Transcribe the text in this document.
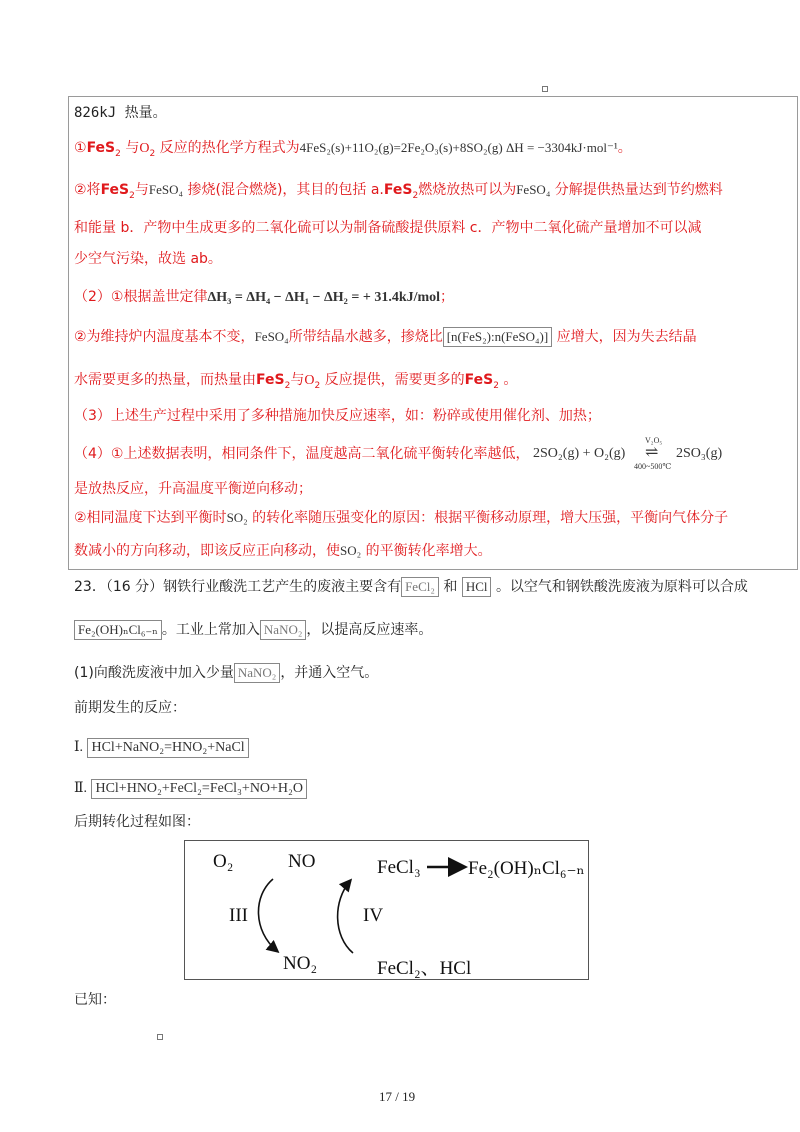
826kJ 热量。
①FeS$_2$ 与$O_2$ 反应的热化学方程式为4FeS₂(s)+11O₂(g)=2Fe₂O₃(s)+8SO₂(g) ΔH = −3304kJ·mol⁻¹。
②将FeS$_2$与FeSO₄ 掺烧(混合燃烧)，其目的包括 a.FeS$_2$燃烧放热可以为FeSO₄ 分解提供热量达到节约燃料
和能量 b．产物中生成更多的二氧化硫可以为制备硫酸提供原料 c．产物中二氧化硫产量增加不可以减
少空气污染，故选 ab。
（2）①根据盖世定律ΔH₃ = ΔH₄ − ΔH₁ − ΔH₂ = + 31.4kJ/mol；
②为维持炉内温度基本不变，FeSO₄所带结晶水越多，掺烧比 [n(FeS₂):n(FeSO₄)] 应增大，因为失去结晶
水需要更多的热量，而热量由FeS$_2$与$O_2$ 反应提供，需要更多的FeS$_2$ 。
（3）上述生产过程中采用了多种措施加快反应速率，如：粉碎或使用催化剂、加热；
（4）①上述数据表明，相同条件下，温度越高二氧化硫平衡转化率越低， 2SO₂(g) + O₂(g)
V₂O₅
⇌
400~500℃
2SO₃(g)
是放热反应，升高温度平衡逆向移动；
②相同温度下达到平衡时SO₂ 的转化率随压强变化的原因：根据平衡移动原理，增大压强，平衡向气体分子
数减小的方向移动，即该反应正向移动，使SO₂ 的平衡转化率增大。
23．（16 分）钢铁行业酸洗工艺产生的废液主要含有 FeCl₂ 和 HCl 。以空气和钢铁酸洗废液为原料可以合成
Fe₂(OH)ₙCl₆₋ₙ 。工业上常加入 NaNO₂ ，以提高反应速率。
(1)向酸洗废液中加入少量 NaNO₂ ，并通入空气。
前期发生的反应：
Ⅰ. HCl+NaNO₂=HNO₂+NaCl
Ⅱ. HCl+HNO₂+FeCl₂=FeCl₃+NO+H₂O
后期转化过程如图：
O₂	NO	FeCl₃ Fe₂(OH)ₙCl₆₋ₙ
III	IV
NO₂	FeCl₂、HCl
已知：
17 / 19
